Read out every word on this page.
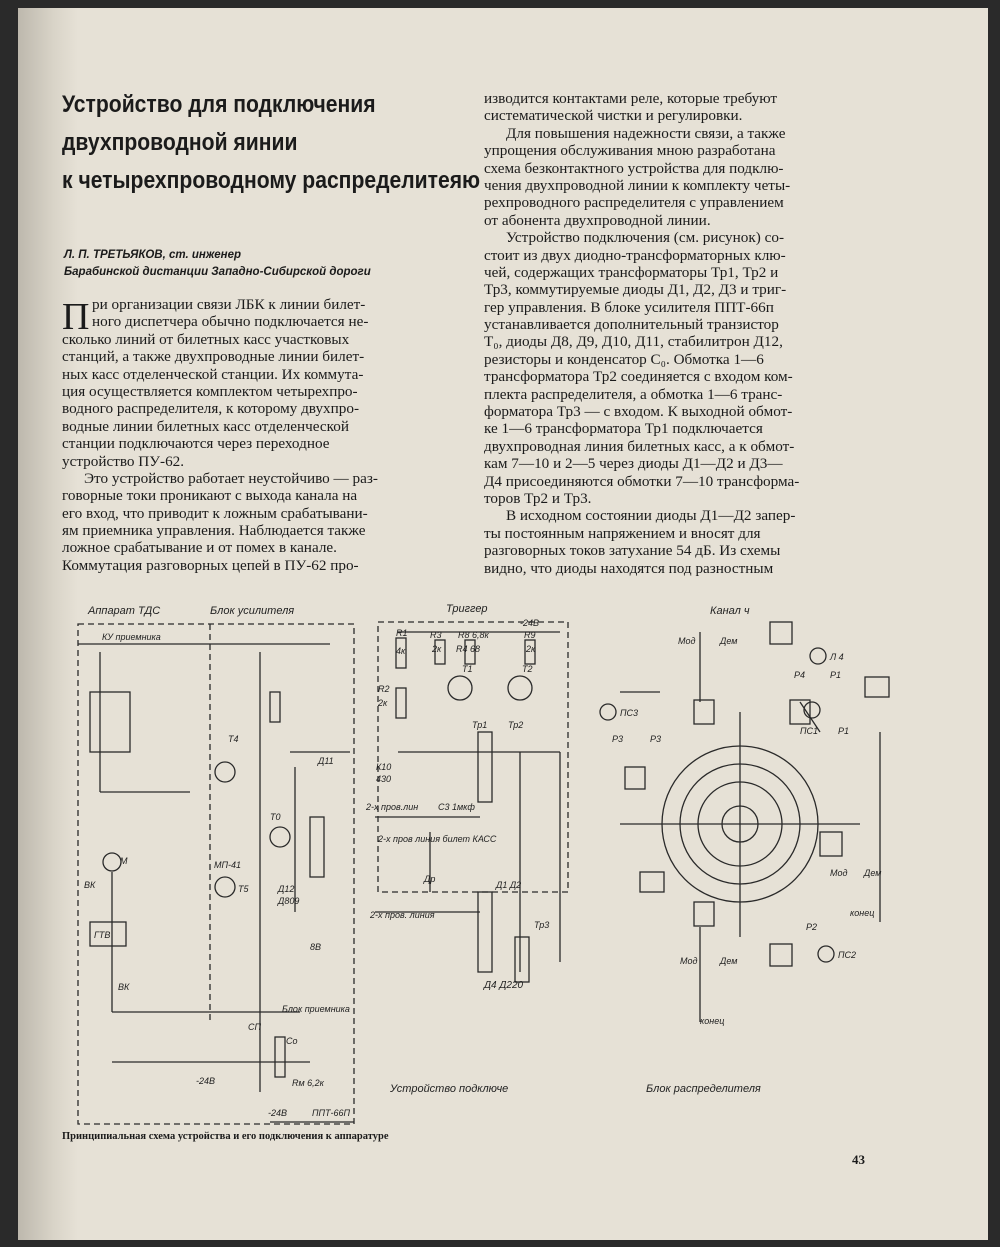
Устройство для подключения
двухпроводной яинии
к четырехпроводному распределитеяю
Л. П. ТРЕТЬЯКОВ, ст. инженер
Барабинской дистанции Западно-Сибирской дороги
П ри организации связи ЛБК к линии билет-
ного диспетчера обычно подключается не-
сколько линий от билетных касс участковых
станций, а также двухпроводные линии билет-
ных касс отделенческой станции. Их коммута-
ция осуществляется комплектом четырехпро-
водного распределителя, к которому двухпро-
водные линии билетных касс отделенческой
станции подключаются через переходное
устройство ПУ-62.
Это устройство работает неустойчиво — раз-
говорные токи проникают с выхода канала на
его вход, что приводит к ложным срабатывани-
ям приемника управления. Наблюдается также
ложное срабатывание и от помех в канале.
Коммутация разговорных цепей в ПУ-62 про-
изводится контактами реле, которые требуют
систематической чистки и регулировки.
Для повышения надежности связи, а также
упрощения обслуживания мною разработана
схема безконтактного устройства для подклю-
чения двухпроводной линии к комплекту четы-
рехпроводного распределителя с управлением
от абонента двухпроводной линии.
Устройство подключения (см. рисунок) со-
стоит из двух диодно-трансформаторных клю-
чей, содержащих трансформаторы Тр1, Тр2 и
Тр3, коммутируемые диоды Д1, Д2, Д3 и триг-
гер управления. В блоке усилителя ППТ-66п
устанавливается дополнительный транзистор
Т₀, диоды Д8, Д9, Д10, Д11, стабилитрон Д12,
резисторы и конденсатор С₀. Обмотка 1—6
трансформатора Тр2 соединяется с входом ком-
плекта распределителя, а обмотка 1—6 транс-
форматора Тр3 — с входом. К выходной обмот-
ке 1—6 трансформатора Тр1 подключается
двухпроводная линия билетных касс, а к обмот-
кам 7—10 и 2—5 через диоды Д1—Д2 и Д3—
Д4 присоединяются обмотки 7—10 трансформа-
торов Тр2 и Тр3.
В исходном состоянии диоды Д1—Д2 запер-
ты постоянным напряжением и вносят для
разговорных токов затухание 54 дБ. Из схемы
видно, что диоды находятся под разностным
Аппарат ТДС	Блок усилителя	Триггер	Канал ч
КУ приемника	R1
4к
R2
2к
R3
2к R4 68
R8 6,8к	R9
2к
-24В
Т1	Т2
К10
430
Тр1 Тр2
Тр3
Д11
Т4
Т0
МП-41
Т5	Д12
Д809
8В
2-х пров.лин С3 1мкф
2-х пров линия билет КАСС
Др
2-х пров. линия
Д1 Д2
Д4 Д220
М
ВК
ГТВ
ВК
Блок приемника
СП
Со
-24В	Rм 6,2к
-24В	ППТ-66П
Устройство подключе	Блок распределителя
Мод	Дем
ПС3
Р3	Р3
Л 4
Р1
Р4
ПС1 Р1
Мод Дем
конец
Р2
Мод	Дем
ПС2
конец
Принципиальная схема устройства и его подключения к аппаратуре
43
